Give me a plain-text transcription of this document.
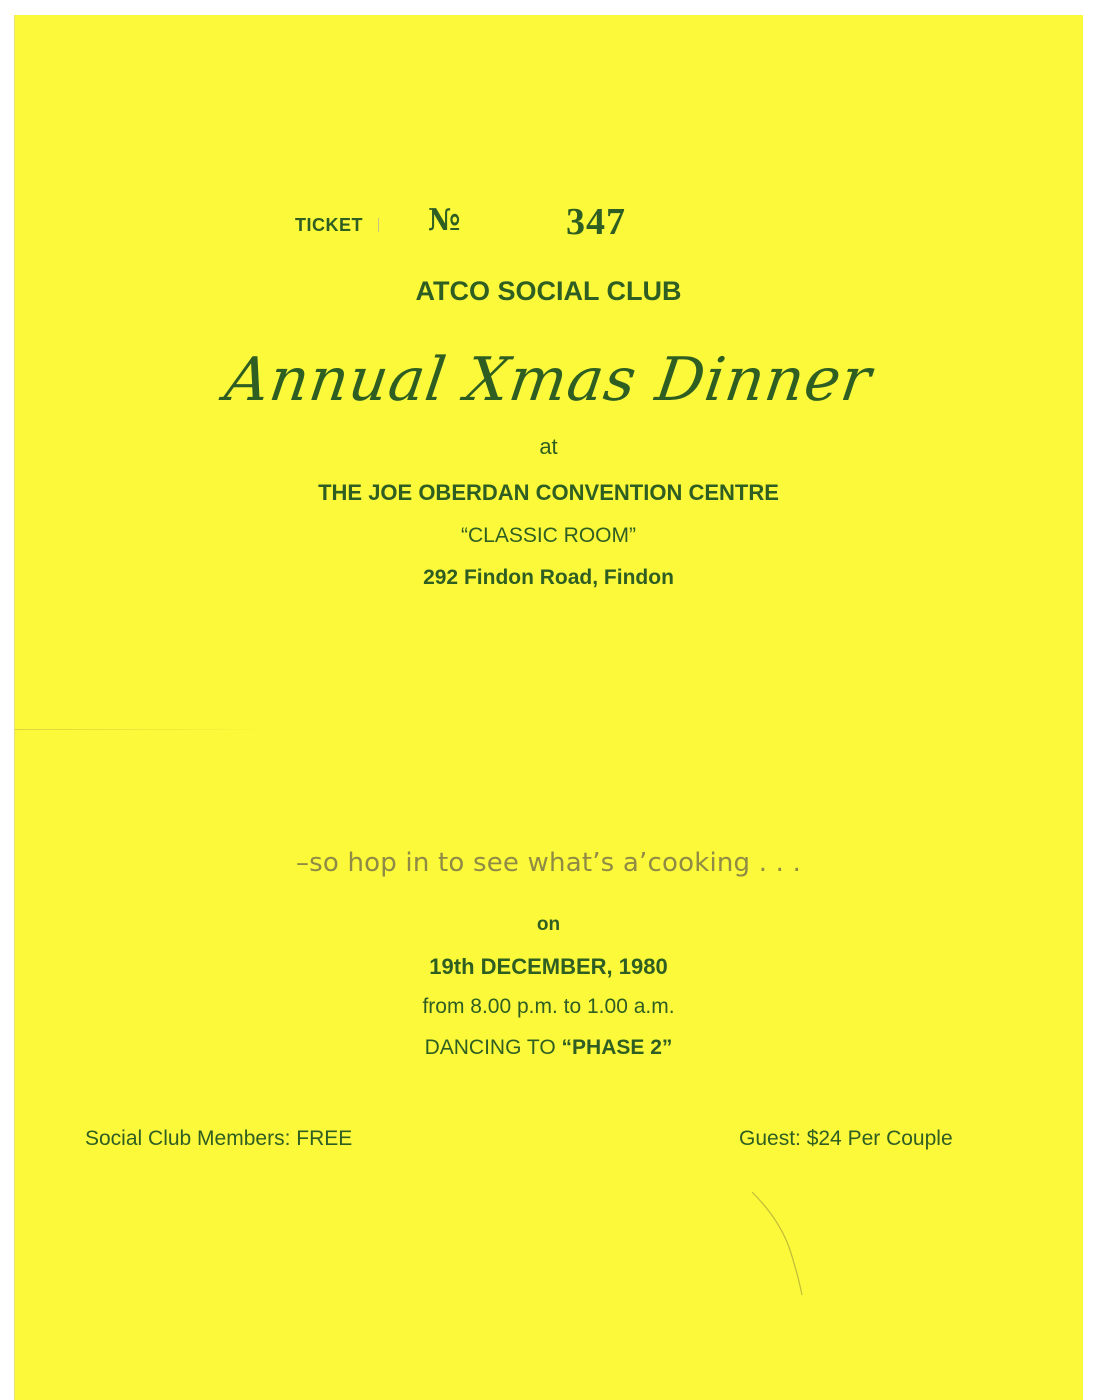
TICKET №	347
ATCO SOCIAL CLUB
Annual Xmas Dinner
at
THE JOE OBERDAN CONVENTION CENTRE
“CLASSIC ROOM”
292 Findon Road, Findon
–so hop in to see what’s a’cooking . . .
on
19th DECEMBER, 1980
from 8.00 p.m. to 1.00 a.m.
DANCING TO “PHASE 2”
Social Club Members: FREE	Guest: $24 Per Couple
